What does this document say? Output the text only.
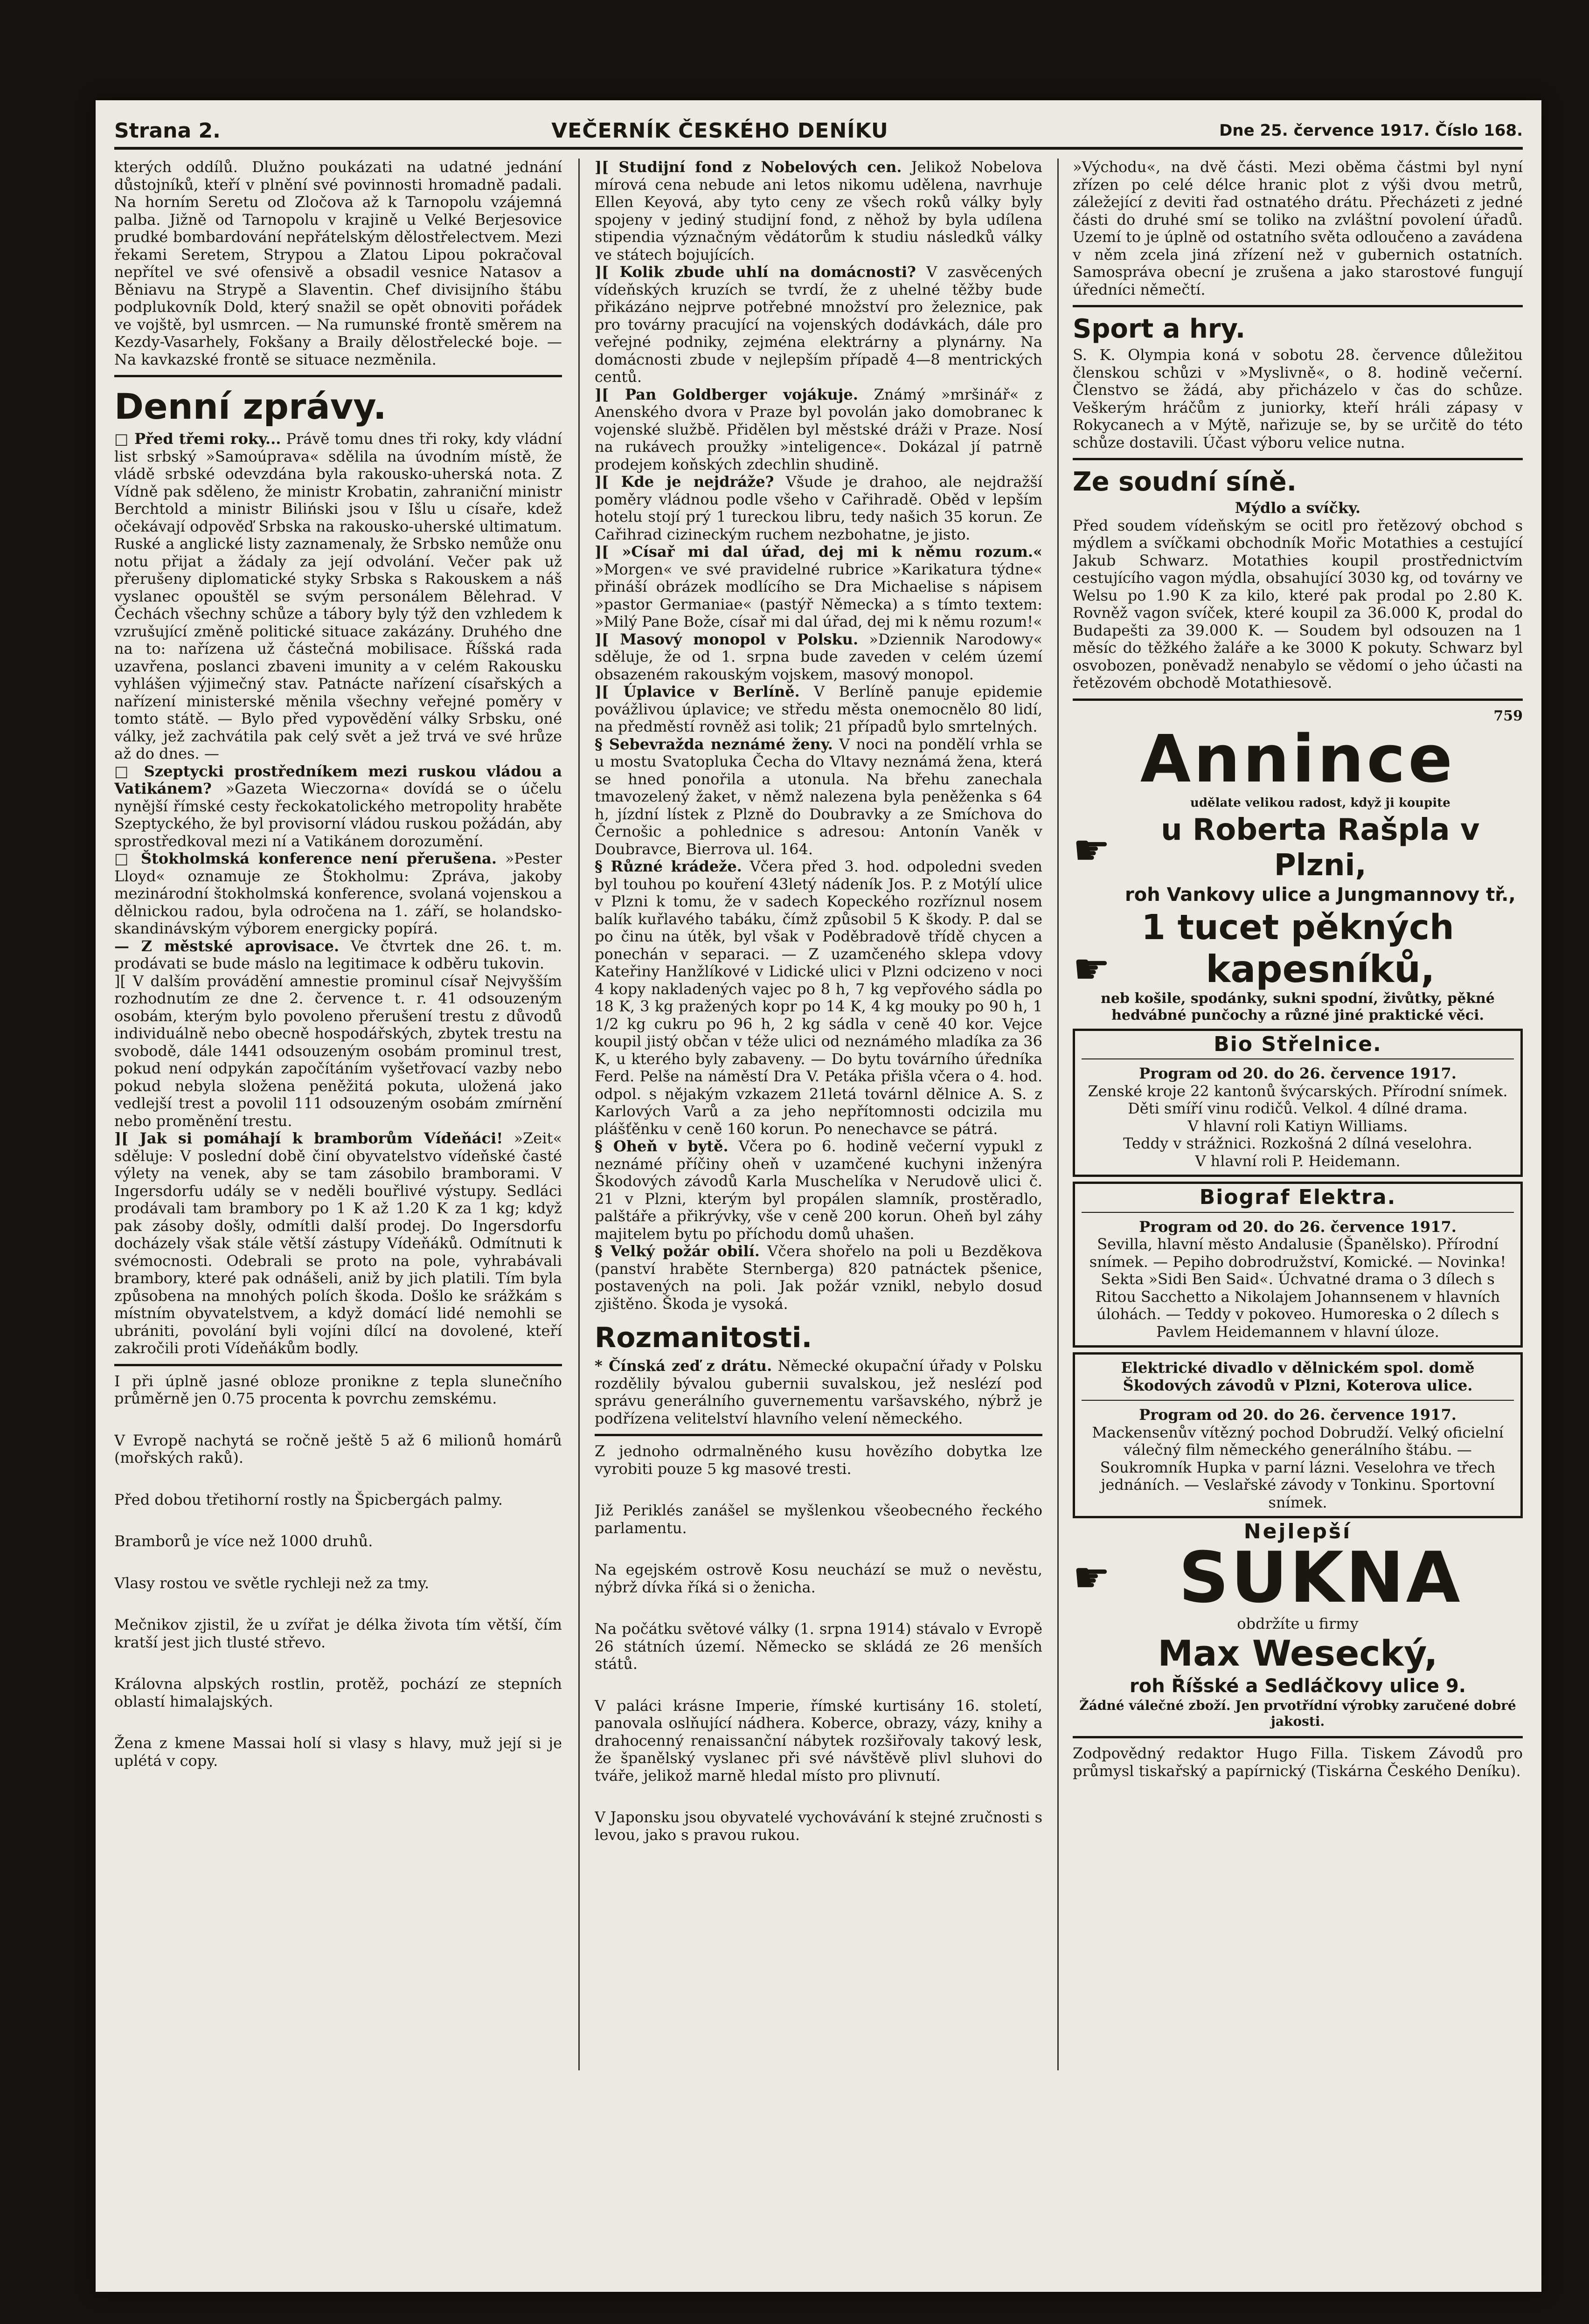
Strana 2.	VEČERNÍK ČESKÉHO DENÍKU	Dne 25. července 1917. Číslo 168.

kterých oddílů. Dlužno poukázati na udatné jednání důstojníků, kteří v plnění své povinnosti hromadně padali. Na horním Seretu od Zločova až k Tarnopolu vzájemná palba. Jižně od Tarnopolu v krajině u Velké Berjesovice prudké bombardování nepřátelským dělostřelectvem. Mezi řekami Seretem, Strypou a Zlatou Lipou pokračoval nepřítel ve své ofensivě a obsadil vesnice Natasov a Běniavu na Strypě a Slaventin. Chef divisijního štábu podplukovník Dold, který snažil se opět obnoviti pořádek ve vojště, byl usmrcen. — Na rumunské frontě směrem na Kezdy-Vasarhely, Fokšany a Braily dělostřelecké boje. — Na kavkazské frontě se situace nezměnila.

Denní zprávy.

□ Před třemi roky... Právě tomu dnes tři roky, kdy vládní list srbský »Samoúprava« sdělila na úvodním místě, že vládě srbské odevzdána byla rakousko-uherská nota. Z Vídně pak sděleno, že ministr Krobatin, zahraniční ministr Berchtold a ministr Biliński jsou v Išlu u císaře, kdež očekávají odpověď Srbska na rakousko-uherské ultimatum. Ruské a anglické listy zaznamenaly, že Srbsko nemůže onu notu přijat a žádaly za její odvolání. Večer pak už přerušeny diplomatické styky Srbska s Rakouskem a náš vyslanec opouštěl se svým personálem Bělehrad. V Čechách všechny schůze a tábory byly týž den vzhledem k vzrušující změně politické situace zakázány. Druhého dne na to: nařízena už částečná mobilisace. Říšská rada uzavřena, poslanci zbaveni imunity a v celém Rakousku vyhlášen výjimečný stav. Patnácte nařízení císařských a nařízení ministerské měnila všechny veřejné poměry v tomto státě. — Bylo před vypovědění války Srbsku, oné války, jež zachvátila pak celý svět a jež trvá ve své hrůze až do dnes. —

□ Szeptycki prostředníkem mezi ruskou vládou a Vatikánem? »Gazeta Wieczorna« dovídá se o účelu nynější římské cesty řeckokatolického metropolity hraběte Szeptyckého, že byl provisorní vládou ruskou požádán, aby sprostředkoval mezi ní a Vatikánem dorozumění.

□ Štokholmská konference není přerušena. »Pester Lloyd« oznamuje ze Štokholmu: Zpráva, jakoby mezinárodní štokholmská konference, svolaná vojenskou a dělnickou radou, byla odročena na 1. září, se holandsko-skandinávským výborem energicky popírá.

— Z městské aprovisace. Ve čtvrtek dne 26. t. m. prodávati se bude máslo na legitimace k odběru tukovin.

][ V dalším provádění amnestie prominul císař Nejvyšším rozhodnutím ze dne 2. července t. r. 41 odsouzeným osobám, kterým bylo povoleno přerušení trestu z důvodů individuálně nebo obecně hospodářských, zbytek trestu na svobodě, dále 1441 odsouzeným osobám prominul trest, pokud není odpykán započítáním vyšetřovací vazby nebo pokud nebyla složena peněžitá pokuta, uložená jako vedlejší trest a povolil 111 odsouzeným osobám zmírnění nebo proměnění trestu.

][ Jak si pomáhají k bramborům Vídeňáci! »Zeit« sděluje: V poslední době činí obyvatelstvo vídeňské časté výlety na venek, aby se tam zásobilo bramborami. V Ingersdorfu udály se v neděli bouřlivé výstupy. Sedláci prodávali tam brambory po 1 K až 1.20 K za 1 kg; když pak zásoby došly, odmítli další prodej. Do Ingersdorfu docházely však stále větší zástupy Vídeňáků. Odmítnuti k svémocnosti. Odebrali se proto na pole, vyhrabávali brambory, které pak odnášeli, aniž by jich platili. Tím byla způsobena na mnohých polích škoda. Došlo ke srážkám s místním obyvatelstvem, a když domácí lidé nemohli se ubrániti, povolání byli vojíni dílcí na dovolené, kteří zakročili proti Vídeňákům bodly.

I při úplně jasné obloze pronikne z tepla slunečního průměrně jen 0.75 procenta k povrchu zemskému.

V Evropě nachytá se ročně ještě 5 až 6 milionů homárů (mořských raků).

Před dobou třetihorní rostly na Špicbergách palmy.

Bramborů je více než 1000 druhů.

Vlasy rostou ve světle rychleji než za tmy.

Mečnikov zjistil, že u zvířat je délka života tím větší, čím kratší jest jich tlusté střevo.

Královna alpských rostlin, protěž, pochází ze stepních oblastí himalajských.

Žena z kmene Massai holí si vlasy s hlavy, muž její si je uplétá v copy.

][ Studijní fond z Nobelových cen. Jelikož Nobelova mírová cena nebude ani letos nikomu udělena, navrhuje Ellen Keyová, aby tyto ceny ze všech roků války byly spojeny v jediný studijní fond, z něhož by byla udílena stipendia význačným vědátorům k studiu následků války ve státech bojujících.

][ Kolik zbude uhlí na domácnosti? V zasvěcených vídeňských kruzích se tvrdí, že z uhelné těžby bude přikázáno nejprve potřebné množství pro železnice, pak pro továrny pracující na vojenských dodávkách, dále pro veřejné podniky, zejména elektrárny a plynárny. Na domácnosti zbude v nejlepším případě 4—8 mentrických centů.

][ Pan Goldberger vojákuje. Známý »mršinář« z Anenského dvora v Praze byl povolán jako domobranec k vojenské službě. Přidělen byl městské dráži v Praze. Nosí na rukávech proužky »inteligence«. Dokázal jí patrně prodejem koňských zdechlin shudině.

][ Kde je nejdráže? Všude je drahoo, ale nejdražší poměry vládnou podle všeho v Cařihradě. Oběd v lepším hotelu stojí prý 1 tureckou libru, tedy našich 35 korun. Ze Cařihrad cizineckým ruchem nezbohatne, je jisto.

][ »Císař mi dal úřad, dej mi k němu rozum.« »Morgen« ve své pravidelné rubrice »Karikatura týdne« přináší obrázek modlícího se Dra Michaelise s nápisem »pastor Germaniae« (pastýř Německa) a s tímto textem: »Milý Pane Bože, císař mi dal úřad, dej mi k němu rozum!«

][ Masový monopol v Polsku. »Dziennik Narodowy« sděluje, že od 1. srpna bude zaveden v celém území obsazeném rakouským vojskem, masový monopol.

][ Úplavice v Berlíně. V Berlíně panuje epidemie povážlivou úplavice; ve středu města onemocnělo 80 lidí, na předměstí rovněž asi tolik; 21 případů bylo smrtelných.

§ Sebevražda neznámé ženy. V noci na pondělí vrhla se u mostu Svatopluka Čecha do Vltavy neznámá žena, která se hned ponořila a utonula. Na břehu zanechala tmavozelený žaket, v němž nalezena byla peněženka s 64 h, jízdní lístek z Plzně do Doubravky a ze Smíchova do Černošic a pohlednice s adresou: Antonín Vaněk v Doubravce, Bierrova ul. 164.

§ Různé krádeže. Včera před 3. hod. odpoledni sveden byl touhou po kouření 43letý nádeník Jos. P. z Motýlí ulice v Plzni k tomu, že v sadech Kopeckého rozříznul nosem balík kuřlavého tabáku, čímž způsobil 5 K škody. P. dal se po činu na útěk, byl však v Poděbradově třídě chycen a ponechán v separaci. — Z uzamčeného sklepa vdovy Kateřiny Hanžlíkové v Lidické ulici v Plzni odcizeno v noci 4 kopy nakladených vajec po 8 h, 7 kg vepřového sádla po 18 K, 3 kg pražených kopr po 14 K, 4 kg mouky po 90 h, 1 1/2 kg cukru po 96 h, 2 kg sádla v ceně 40 kor. Vejce koupil jistý občan v téže ulici od neznámého mladíka za 36 K, u kterého byly zabaveny. — Do bytu továrního úředníka Ferd. Pelše na náměstí Dra V. Petáka přišla včera o 4. hod. odpol. s nějakým vzkazem 21letá továrnl dělnice A. S. z Karlových Varů a za jeho nepřítomnosti odcizila mu plášťěnku v ceně 160 korun. Po nenechavce se pátrá.

§ Oheň v bytě. Včera po 6. hodině večerní vypukl z neznámé příčiny oheň v uzamčené kuchyni inženýra Škodových závodů Karla Muschelíka v Nerudově ulici č. 21 v Plzni, kterým byl propálen slamník, prostěradlo, palštáře a přikrývky, vše v ceně 200 korun. Oheň byl záhy majitelem bytu po příchodu domů uhašen.

§ Velký požár obilí. Včera shořelo na poli u Bezděkova (panství hraběte Sternberga) 820 patnáctek pšenice, postavených na poli. Jak požár vznikl, nebylo dosud zjištěno. Škoda je vysoká.

Rozmanitosti.

* Čínská zeď z drátu. Německé okupační úřady v Polsku rozdělily bývalou gubernii suvalskou, jež neslézí pod správu generálního guvernementu varšavského, nýbrž je podřízena velitelství hlavního velení německého.

Z jednoho odrmalněného kusu hovězího dobytka lze vyrobiti pouze 5 kg masové tresti.

Již Periklés zanášel se myšlenkou všeobecného řeckého parlamentu.

Na egejském ostrově Kosu neuchází se muž o nevěstu, nýbrž dívka říká si o ženicha.

Na počátku světové války (1. srpna 1914) stávalo v Evropě 26 státních území. Německo se skládá ze 26 menších států.

V paláci krásne Imperie, římské kurtisány 16. století, panovala oslňující nádhera. Koberce, obrazy, vázy, knihy a drahocenný renaissanční nábytek rozšiřovaly takový lesk, že španělský vyslanec při své návštěvě plivl sluhovi do tváře, jelikož marně hledal místo pro plivnutí.

V Japonsku jsou obyvatelé vychovávání k stejné zručnosti s levou, jako s pravou rukou.

»Východu«, na dvě části. Mezi oběma částmi byl nyní zřízen po celé délce hranic plot z výši dvou metrů, záležející z deviti řad ostnatého drátu. Přecházeti z jedné části do druhé smí se toliko na zvláštní povolení úřadů. Uzemí to je úplně od ostatního světa odloučeno a zavádena v něm zcela jiná zřízení než v gubernich ostatních. Samospráva obecní je zrušena a jako starostové fungují úředníci němečtí.

Sport a hry.

S. K. Olympia koná v sobotu 28. července důležitou členskou schůzi v »Myslivně«, o 8. hodině večerní. Členstvo se žádá, aby přicházelo v čas do schůze. Veškerým hráčům z juniorky, kteří hráli zápasy v Rokycanech a v Mýtě, nařizuje se, by se určitě do této schůze dostavili. Účast výboru velice nutna.

Ze soudní síně.

Mýdlo a svíčky.

Před soudem vídeňským se ocitl pro řetězový obchod s mýdlem a svíčkami obchodník Mořic Motathies a cestující Jakub Schwarz. Motathies koupil prostřednictvím cestujícího vagon mýdla, obsahující 3030 kg, od továrny ve Welsu po 1.90 K za kilo, které pak prodal po 2.80 K. Rovněž vagon svíček, které koupil za 36.000 K, prodal do Budapešti za 39.000 K. — Soudem byl odsouzen na 1 měsíc do těžkého žaláře a ke 3000 K pokuty. Schwarz byl osvobozen, poněvadž nenabylo se vědomí o jeho účasti na řetězovém obchodě Motathiesově.

759

Annince
☛
udělate velikou radost, když ji koupite
u Roberta Rašpla v Plzni,
roh Vankovy ulice a Jungmannovy tř.,
1 tucet pěkných
☛	kapesníků,
neb košile, spodánky, sukni spodní, živůtky, pěkné hedvábné punčochy a různé jiné praktické věci.
Bio Střelnice.
Program od 20. do 26. července 1917.
Zenské kroje 22 kantonů švýcarských. Přírodní snímek.
Děti smíří vinu rodičů. Velkol. 4 dílné drama.
V hlavní roli Katiyn Williams.
Teddy v strážnici. Rozkošná 2 dílná veselohra.
V hlavní roli P. Heidemann.
Biograf Elektra.
Program od 20. do 26. července 1917.
Sevilla, hlavní město Andalusie (Španělsko). Přírodní snímek. — Pepiho dobrodružství, Komické. — Novinka! Sekta »Sidi Ben Said«. Úchvatné drama o 3 dílech s Ritou Sacchetto a Nikolajem Johannsenem v hlavních úlohách. — Teddy v pokoveo. Humoreska o 2 dílech s Pavlem Heidemannem v hlavní úloze.
Elektrické divadlo v dělnickém spol. domě Škodových závodů v Plzni, Koterova ulice.
Program od 20. do 26. července 1917.
Mackensenův vítězný pochod Dobrudží. Velký oficielní válečný film německého generálního štábu. — Soukromník Hupka v parní lázni. Veselohra ve třech jednáních. — Veslařské závody v Tonkinu. Sportovní snímek.
Nejlepší
☛ SUKNA
obdržíte u firmy
Max Wesecký,
roh Říšské a Sedláčkovy ulice 9.
Žádné válečné zboží. Jen prvotřídní výrobky zaručené dobré jakosti.

Zodpovědný redaktor Hugo Filla. Tiskem Závodů pro průmysl tiskařský a papírnický (Tiskárna Českého Deníku).
